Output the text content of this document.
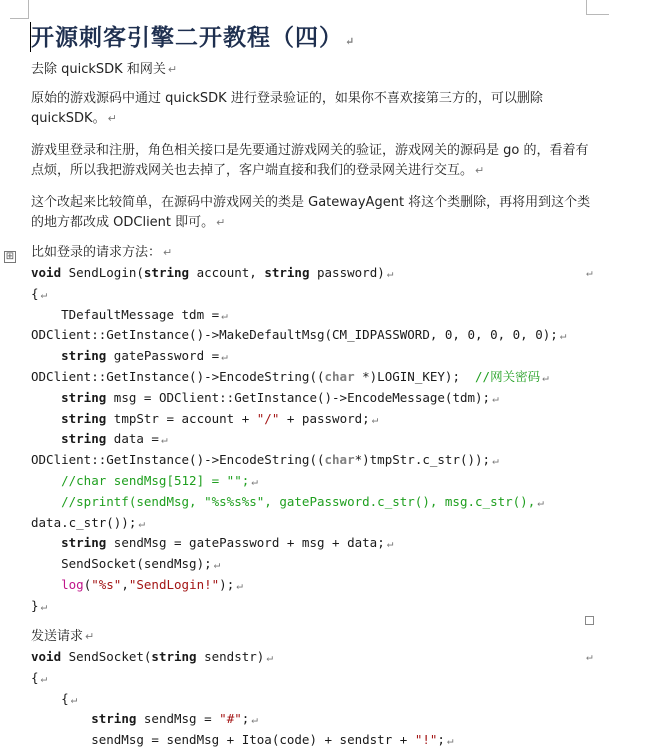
开源刺客引擎二开教程（四） ↵

去除 quickSDK 和网关 ↵

原始的游戏源码中通过 quickSDK 进行登录验证的，如果你不喜欢接第三方的，可以删除 quickSDK。 ↵

游戏里登录和注册，角色相关接口是先要通过游戏网关的验证，游戏网关的源码是 go 的，看着有点烦，所以我把游戏网关也去掉了，客户端直接和我们的登录网关进行交互。 ↵

这个改起来比较简单，在源码中游戏网关的类是 GatewayAgent 将这个类删除，再将用到这个类的地方都改成 ODClient 即可。 ↵

⊞ 比如登录的请求方法： ↵

void SendLogin(string account, string password) ↵	↵
{ ↵
TDefaultMessage tdm = ↵
ODClient::GetInstance()->MakeDefaultMsg(CM_IDPASSWORD, 0, 0, 0, 0, 0); ↵
string gatePassword = ↵
ODClient::GetInstance()->EncodeString((char *)LOGIN_KEY);  //网关密码 ↵
string msg = ODClient::GetInstance()->EncodeMessage(tdm); ↵
string tmpStr = account + "/" + password; ↵
string data = ↵
ODClient::GetInstance()->EncodeString((char*)tmpStr.c_str()); ↵
//char sendMsg[512] = ""; ↵
//sprintf(sendMsg, "%s%s%s", gatePassword.c_str(), msg.c_str(), ↵
data.c_str()); ↵
string sendMsg = gatePassword + msg + data; ↵
SendSocket(sendMsg); ↵
log("%s","SendLogin!"); ↵
} ↵

发送请求 ↵

void SendSocket(string sendstr) ↵	↵
{ ↵
{ ↵
string sendMsg = "#"; ↵
sendMsg = sendMsg + Itoa(code) + sendstr + "!"; ↵
